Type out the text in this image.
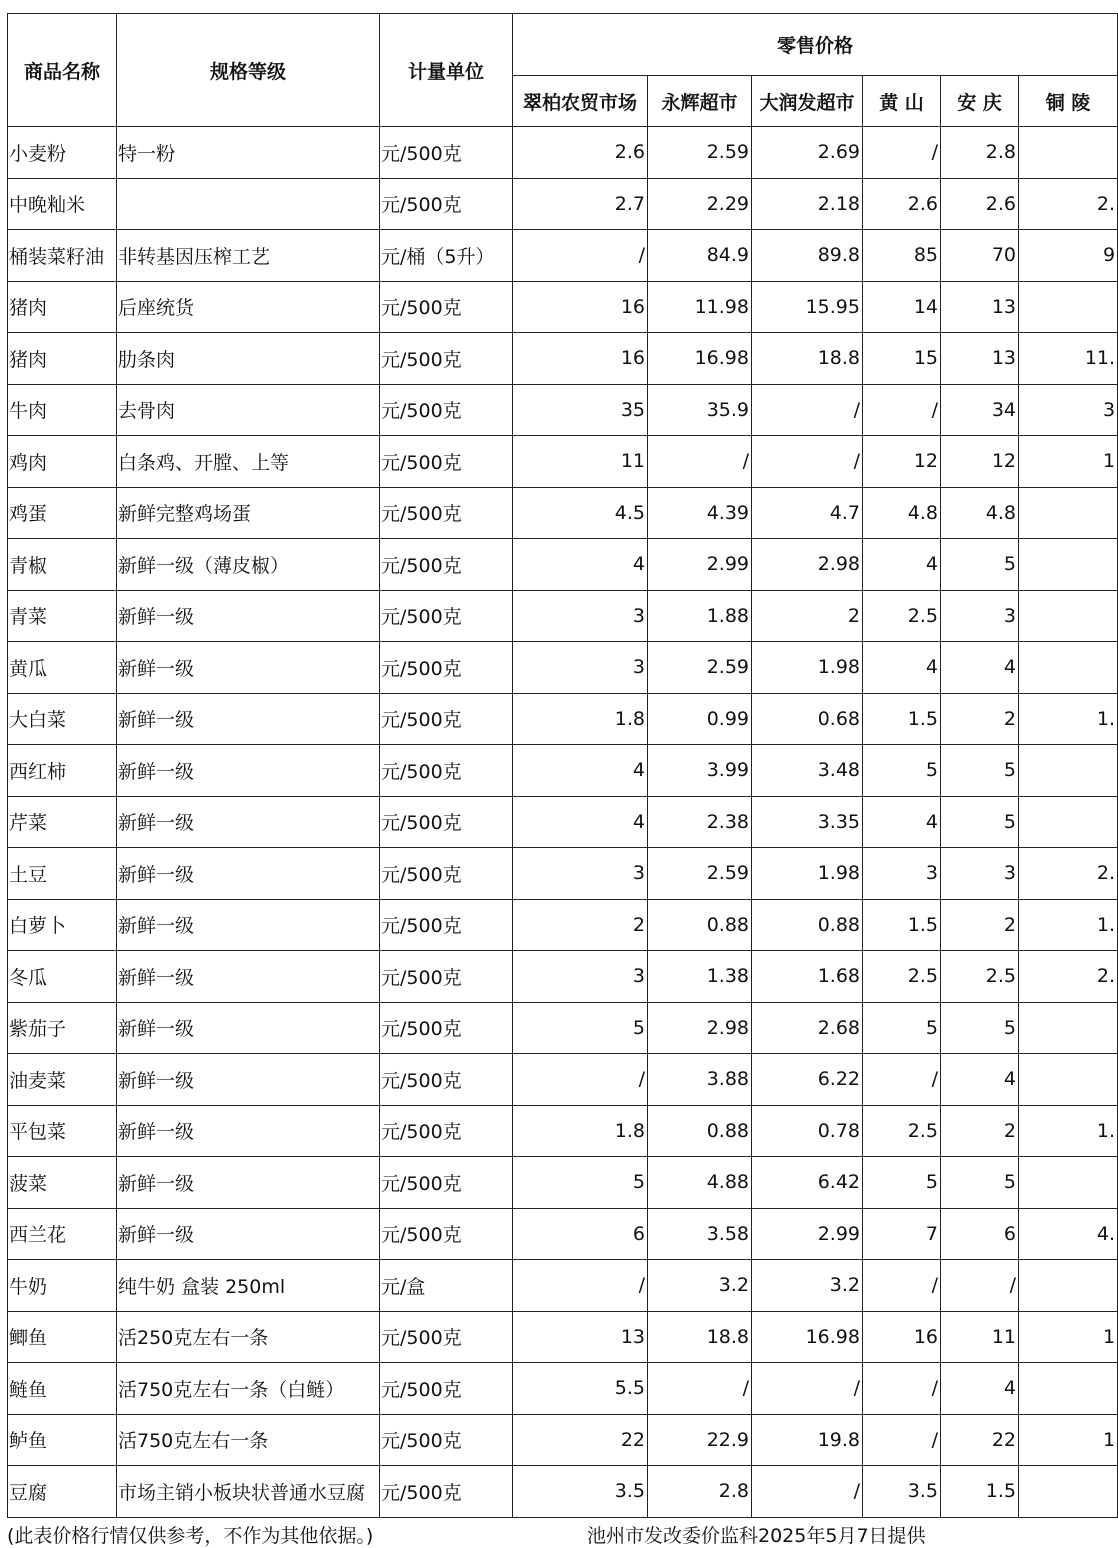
商品名称	规格等级	计量单位	零售价格					
			翠柏农贸市场	永辉超市	大润发超市	黄 山	安 庆	铜 陵
小麦粉	特一粉	元/500克	2.6	2.59	2.69	/	2.8	
中晚籼米		元/500克	2.7	2.29	2.18	2.6	2.6	2.
桶装菜籽油	非转基因压榨工艺	元/桶（5升）	/	84.9	89.8	85	70	9
猪肉	后座统货	元/500克	16	11.98	15.95	14	13	
猪肉	肋条肉	元/500克	16	16.98	18.8	15	13	11.
牛肉	去骨肉	元/500克	35	35.9	/	/	34	3
鸡肉	白条鸡、开膛、上等	元/500克	11	/	/	12	12	1
鸡蛋	新鲜完整鸡场蛋	元/500克	4.5	4.39	4.7	4.8	4.8	
青椒	新鲜一级（薄皮椒）	元/500克	4	2.99	2.98	4	5	
青菜	新鲜一级	元/500克	3	1.88	2	2.5	3	
黄瓜	新鲜一级	元/500克	3	2.59	1.98	4	4	
大白菜	新鲜一级	元/500克	1.8	0.99	0.68	1.5	2	1.
西红柿	新鲜一级	元/500克	4	3.99	3.48	5	5	
芹菜	新鲜一级	元/500克	4	2.38	3.35	4	5	
土豆	新鲜一级	元/500克	3	2.59	1.98	3	3	2.
白萝卜	新鲜一级	元/500克	2	0.88	0.88	1.5	2	1.
冬瓜	新鲜一级	元/500克	3	1.38	1.68	2.5	2.5	2.
紫茄子	新鲜一级	元/500克	5	2.98	2.68	5	5	
油麦菜	新鲜一级	元/500克	/	3.88	6.22	/	4	
平包菜	新鲜一级	元/500克	1.8	0.88	0.78	2.5	2	1.
菠菜	新鲜一级	元/500克	5	4.88	6.42	5	5	
西兰花	新鲜一级	元/500克	6	3.58	2.99	7	6	4.
牛奶	纯牛奶 盒装 250ml	元/盒	/	3.2	3.2	/	/	
鲫鱼	活250克左右一条	元/500克	13	18.8	16.98	16	11	1
鲢鱼	活750克左右一条（白鲢）	元/500克	5.5	/	/	/	4	
鲈鱼	活750克左右一条	元/500克	22	22.9	19.8	/	22	1
豆腐	市场主销小板块状普通水豆腐	元/500克	3.5	2.8	/	3.5	1.5	
(此表价格行情仅供参考，不作为其他依据。)	池州市发改委价监科2025年5月7日提供
